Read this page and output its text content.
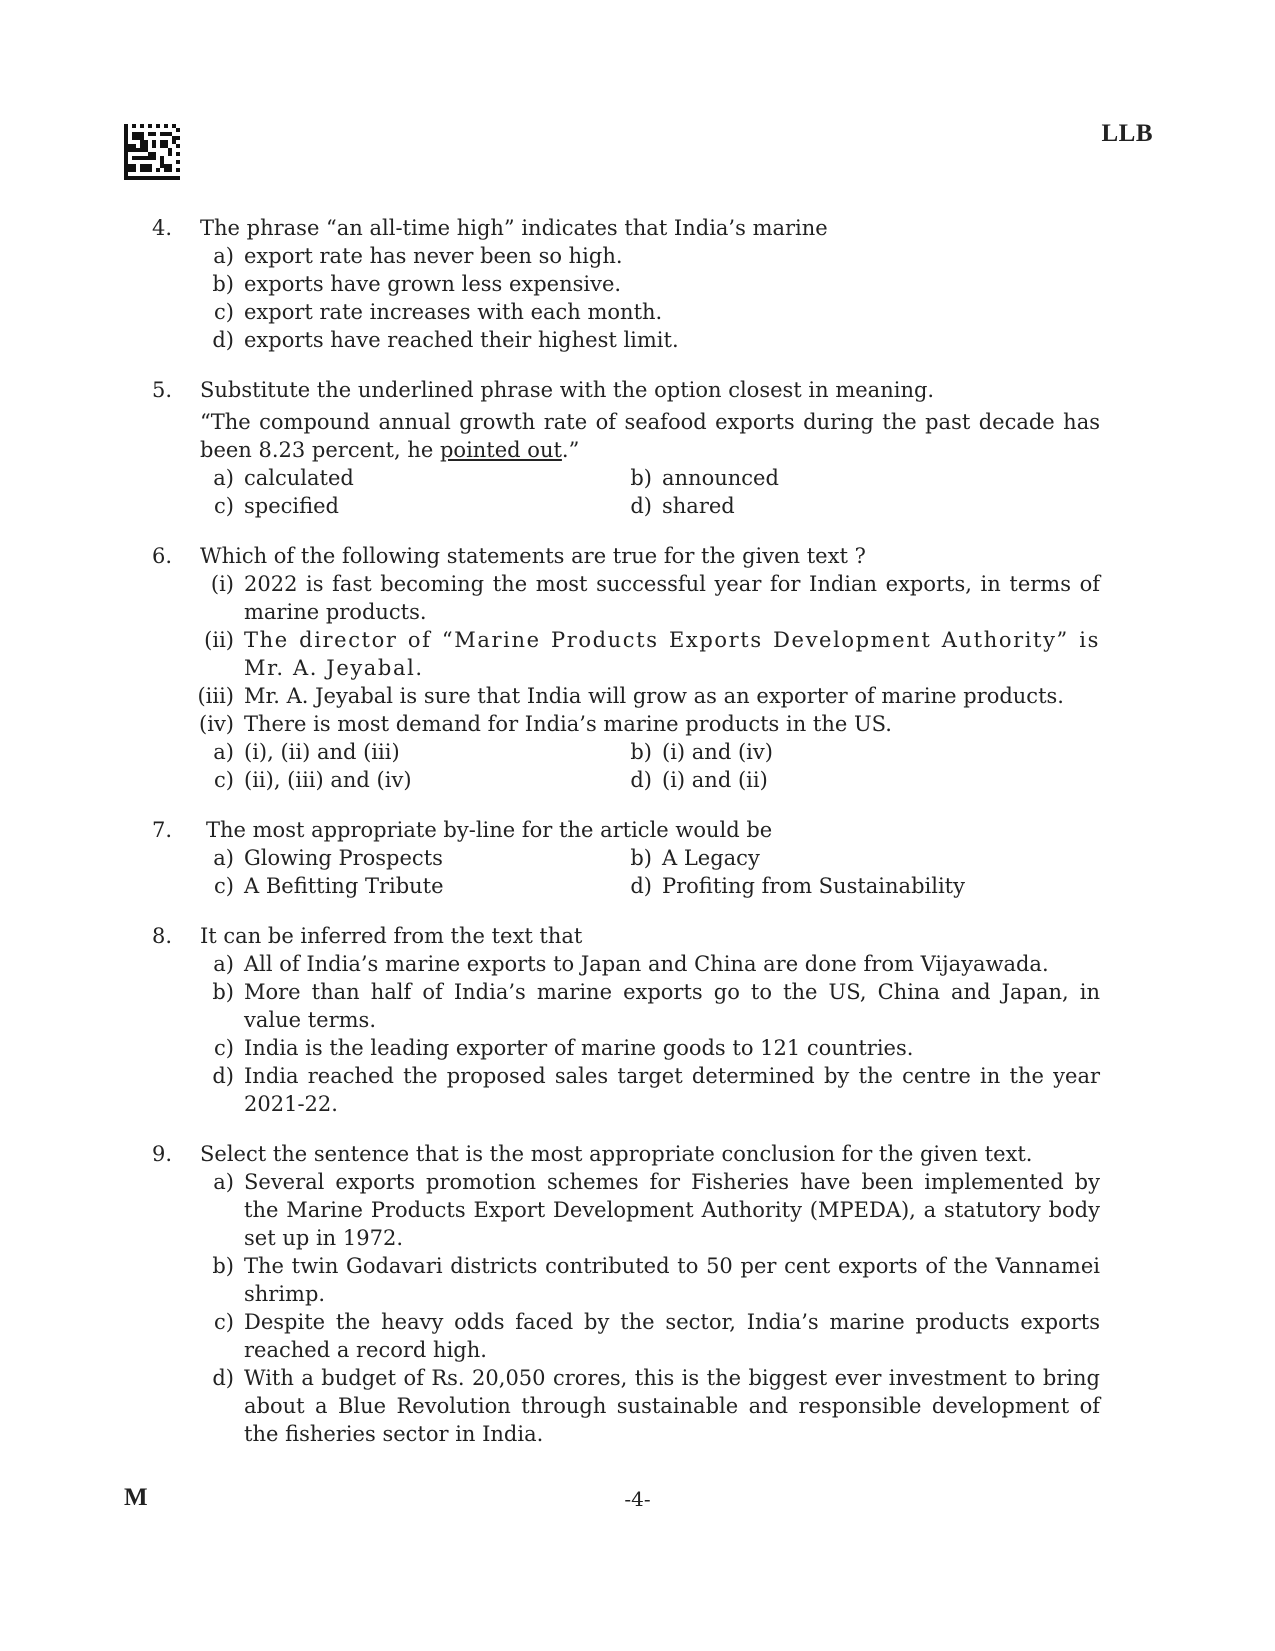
LLB
4. The phrase “an all-time high” indicates that India’s marine
a) export rate has never been so high.
b) exports have grown less expensive.
c) export rate increases with each month.
d) exports have reached their highest limit.
5. Substitute the underlined phrase with the option closest in meaning.
“The compound annual growth rate of seafood exports during the past decade has been 8.23 percent, he pointed out.”
a) calculated	b) announced
c) specified	d) shared
6. Which of the following statements are true for the given text ?
(i) 2022 is fast becoming the most successful year for Indian exports, in terms of marine products.
(ii) The director of “Marine Products Exports Development Authority” is Mr. A. Jeyabal.
(iii) Mr. A. Jeyabal is sure that India will grow as an exporter of marine products.
(iv) There is most demand for India’s marine products in the US.
a) (i), (ii) and (iii)	b) (i) and (iv)
c) (ii), (iii) and (iv)	d) (i) and (ii)
7. The most appropriate by-line for the article would be
a) Glowing Prospects	b) A Legacy
c) A Befitting Tribute	d) Profiting from Sustainability
8. It can be inferred from the text that
a) All of India’s marine exports to Japan and China are done from Vijayawada.
b) More than half of India’s marine exports go to the US, China and Japan, in value terms.
c) India is the leading exporter of marine goods to 121 countries.
d) India reached the proposed sales target determined by the centre in the year 2021-22.
9. Select the sentence that is the most appropriate conclusion for the given text.
a) Several exports promotion schemes for Fisheries have been implemented by the Marine Products Export Development Authority (MPEDA), a statutory body set up in 1972.
b) The twin Godavari districts contributed to 50 per cent exports of the Vannamei shrimp.
c) Despite the heavy odds faced by the sector, India’s marine products exports reached a record high.
d) With a budget of Rs. 20,050 crores, this is the biggest ever investment to bring about a Blue Revolution through sustainable and responsible development of the fisheries sector in India.
M	-4-
